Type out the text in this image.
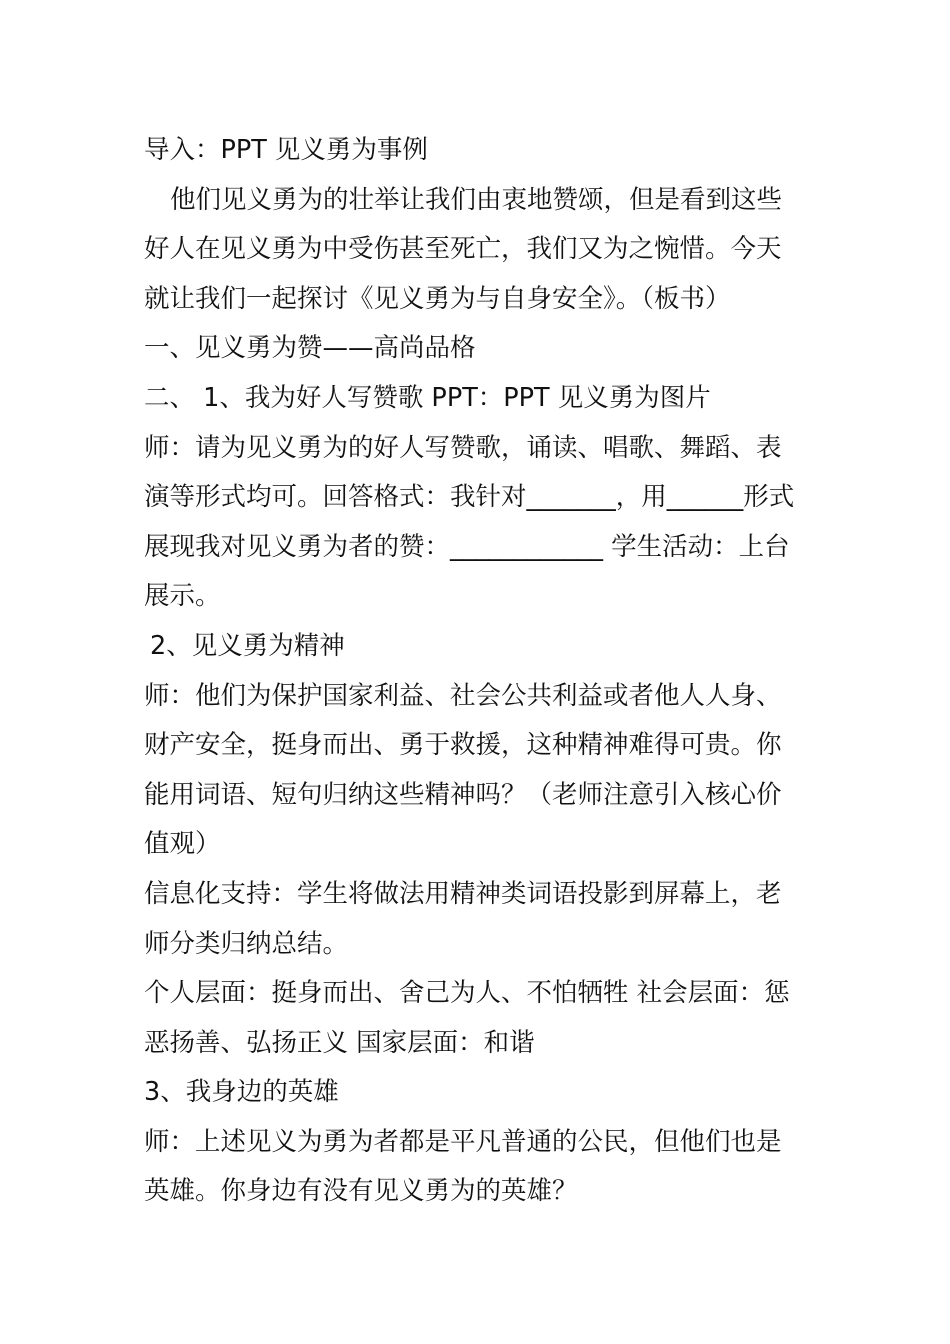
导入：PPT 见义勇为事例
他们见义勇为的壮举让我们由衷地赞颂，但是看到这些
好人在见义勇为中受伤甚至死亡，我们又为之惋惜。今天
就让我们一起探讨《见义勇为与自身安全》。（板书）
一、见义勇为赞——高尚品格
二、 1、我为好人写赞歌 PPT：PPT 见义勇为图片
师：请为见义勇为的好人写赞歌，诵读、唱歌、舞蹈、表
演等形式均可。回答格式：我针对_______，用______形式
展现我对见义勇为者的赞：____________ 学生活动：上台
展示。
2、见义勇为精神
师：他们为保护国家利益、社会公共利益或者他人人身、
财产安全，挺身而出、勇于救援，这种精神难得可贵。你
能用词语、短句归纳这些精神吗？（老师注意引入核心价
值观）
信息化支持：学生将做法用精神类词语投影到屏幕上，老
师分类归纳总结。
个人层面：挺身而出、舍己为人、不怕牺牲 社会层面：惩
恶扬善、弘扬正义 国家层面：和谐
3、我身边的英雄
师：上述见义为勇为者都是平凡普通的公民，但他们也是
英雄。你身边有没有见义勇为的英雄？
